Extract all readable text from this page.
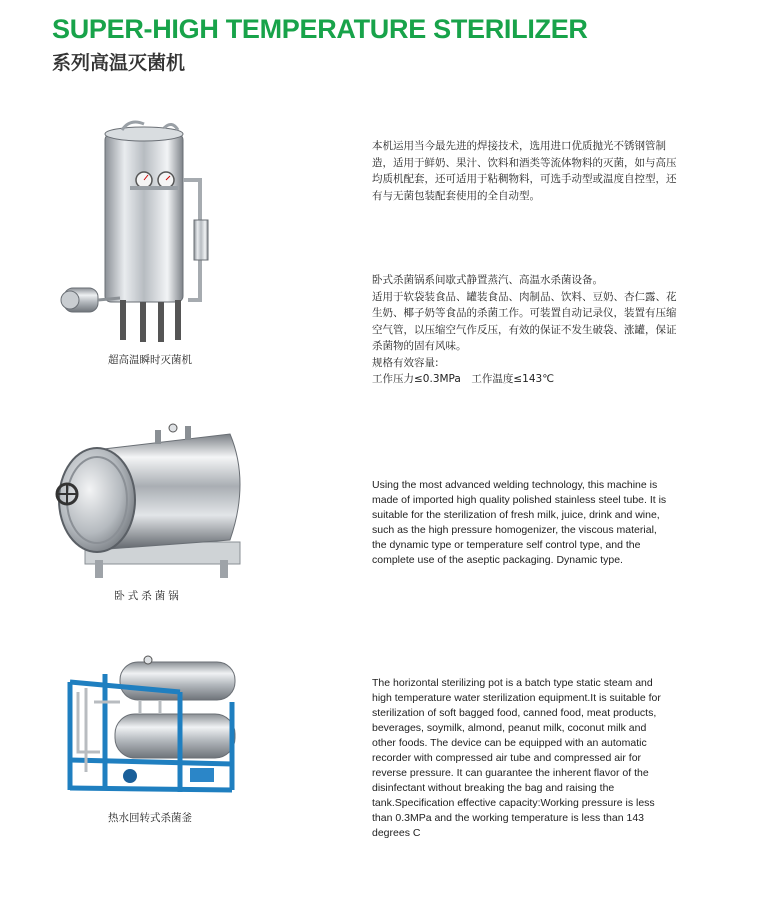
SUPER-HIGH TEMPERATURE STERILIZER
系列高温灭菌机
超高温瞬时灭菌机
卧式杀菌锅
热水回转式杀菌釜

本机运用当今最先进的焊接技术，选用进口优质抛光不锈钢管制造，适用于鲜奶、果汁、饮料和酒类等流体物料的灭菌，如与高压均质机配套，还可适用于粘稠物料，可选手动型或温度自控型，还有与无菌包装配套使用的全自动型。

卧式杀菌锅系间歇式静置蒸汽、高温水杀菌设备。

适用于软袋装食品、罐装食品、肉制品、饮料、豆奶、杏仁露、花生奶、椰子奶等食品的杀菌工作。可装置自动记录仪，装置有压缩空气管，以压缩空气作反压，有效的保证不发生破袋、涨罐，保证杀菌物的固有风味。

规格有效容量:

工作压力≤0.3MPa　工作温度≤143℃

Using the most advanced welding technology, this machine is made of imported high quality polished stainless steel tube. It is suitable for the sterilization of fresh milk, juice, drink and wine, such as the high pressure homogenizer, the viscous material, the dynamic type or temperature self control type, and the complete use of the aseptic packaging. Dynamic type.

The horizontal sterilizing pot is a batch type static steam and high temperature water sterilization equipment.It is suitable for sterilization of soft bagged food, canned food, meat products, beverages, soymilk, almond, peanut milk, coconut milk and other foods. The device can be equipped with an automatic recorder with compressed air tube and compressed air for reverse pressure. It can guarantee the inherent flavor of the disinfectant without breaking the bag and raising the tank.Specification effective capacity:Working pressure is less than 0.3MPa and the working temperature is less than 143 degrees C
